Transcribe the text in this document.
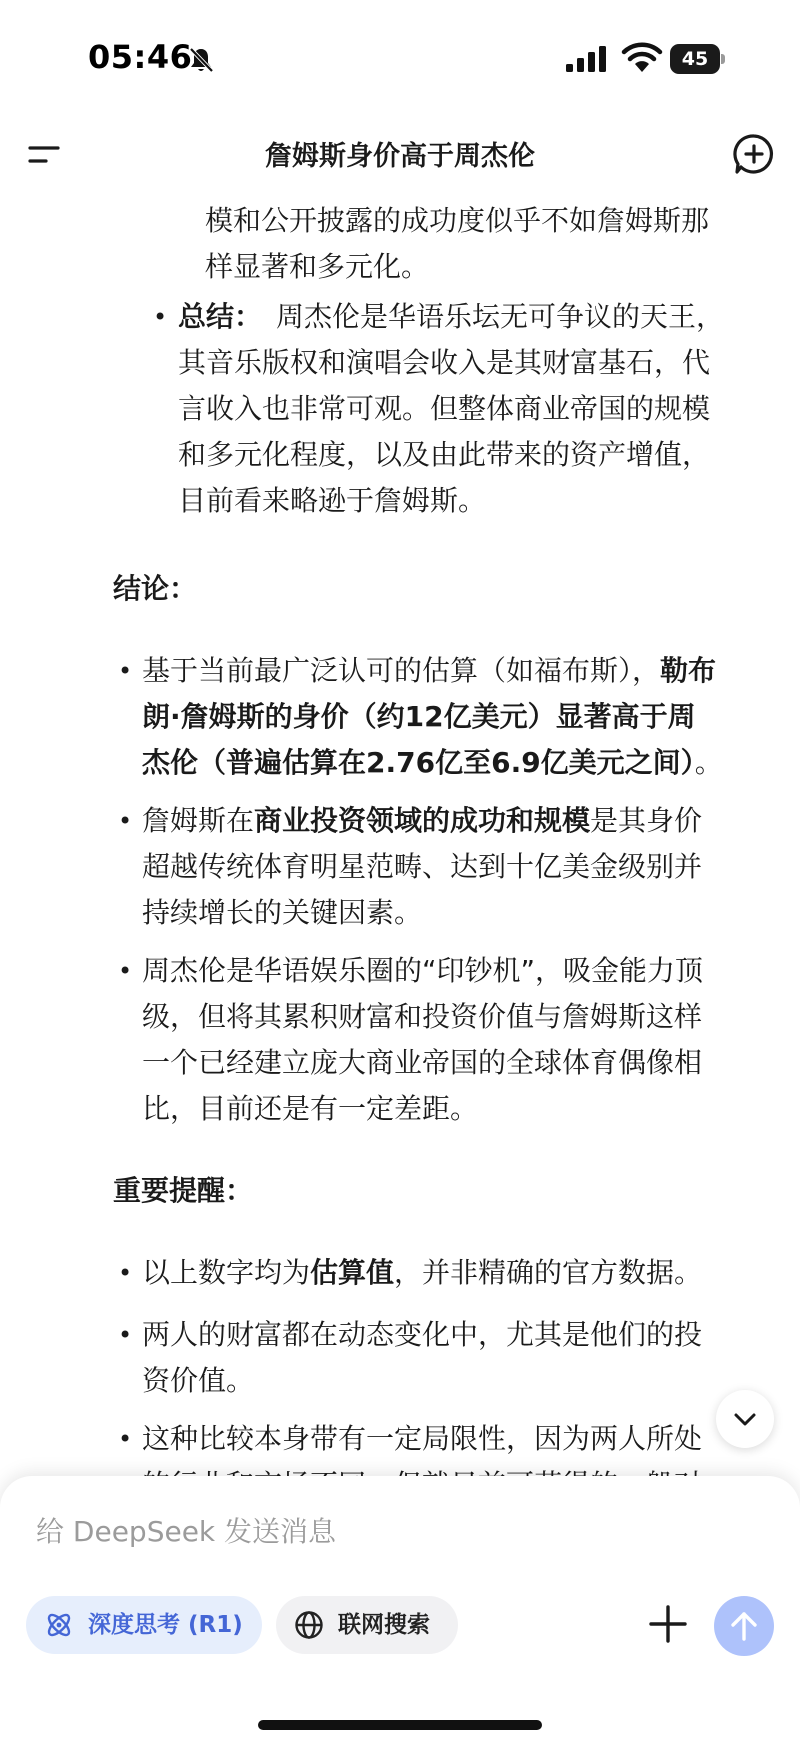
05:46	45
詹姆斯身价高于周杰伦
模和公开披露的成功度似乎不如詹姆斯那
样显著和多元化。
• 总结： 周杰伦是华语乐坛无可争议的天王，
其音乐版权和演唱会收入是其财富基石，代
言收入也非常可观。但整体商业帝国的规模
和多元化程度，以及由此带来的资产增值，
目前看来略逊于詹姆斯。
结论：
• 基于当前最广泛认可的估算（如福布斯），勒布
朗·詹姆斯的身价（约12亿美元）显著高于周
杰伦（普遍估算在2.76亿至6.9亿美元之间）。
• 詹姆斯在商业投资领域的成功和规模是其身价
超越传统体育明星范畴、达到十亿美金级别并
持续增长的关键因素。
• 周杰伦是华语娱乐圈的“印钞机”，吸金能力顶
级，但将其累积财富和投资价值与詹姆斯这样
一个已经建立庞大商业帝国的全球体育偶像相
比，目前还是有一定差距。
重要提醒：
• 以上数字均为估算值，并非精确的官方数据。
• 两人的财富都在动态变化中，尤其是他们的投
资价值。
• 这种比较本身带有一定局限性，因为两人所处
给 DeepSeek 发送消息
深度思考 (R1)	联网搜索
